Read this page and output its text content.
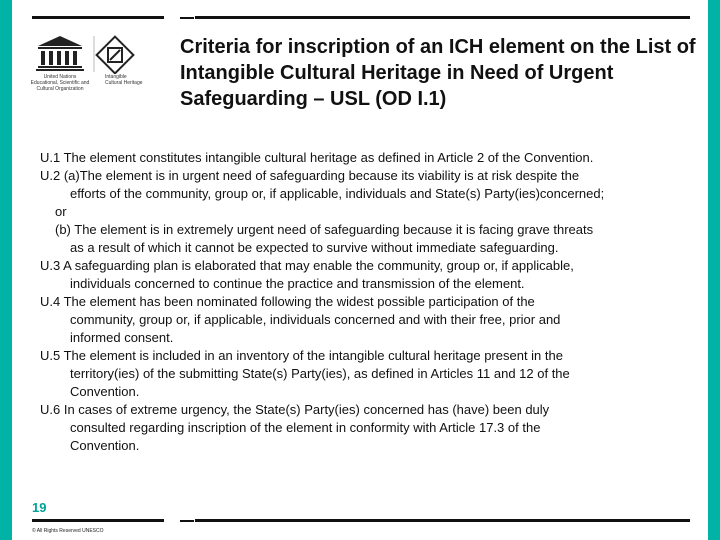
United Nations Educational, Scientific and Cultural Organization
Intangible Cultural Heritage
Criteria for inscription of an ICH element on the List of Intangible Cultural Heritage in Need of Urgent Safeguarding – USL (OD I.1)

U.1 The element constitutes intangible cultural heritage as defined in Article 2 of the Convention.

U.2 (a)The element is in urgent need of safeguarding because its viability is at risk despite the

efforts of the community, group or, if applicable, individuals and State(s) Party(ies)concerned;

or

(b) The element is in extremely urgent need of safeguarding because it is facing grave threats

as a result of which it cannot be expected to survive without immediate safeguarding.

U.3 A safeguarding plan is elaborated that may enable the community, group or, if applicable,

individuals concerned to continue the practice and transmission of the element.

U.4 The element has been nominated following the widest possible participation of the

community, group or, if applicable, individuals concerned and with their free, prior and

informed consent.

U.5 The element is included in an inventory of the intangible cultural heritage present in the

territory(ies) of the submitting State(s) Party(ies), as defined in Articles 11 and 12 of the

Convention.

U.6 In cases of extreme urgency, the State(s) Party(ies) concerned has (have) been duly

consulted regarding inscription of the element in conformity with Article 17.3 of the

Convention.

19
© All Rights Reserved UNESCO
